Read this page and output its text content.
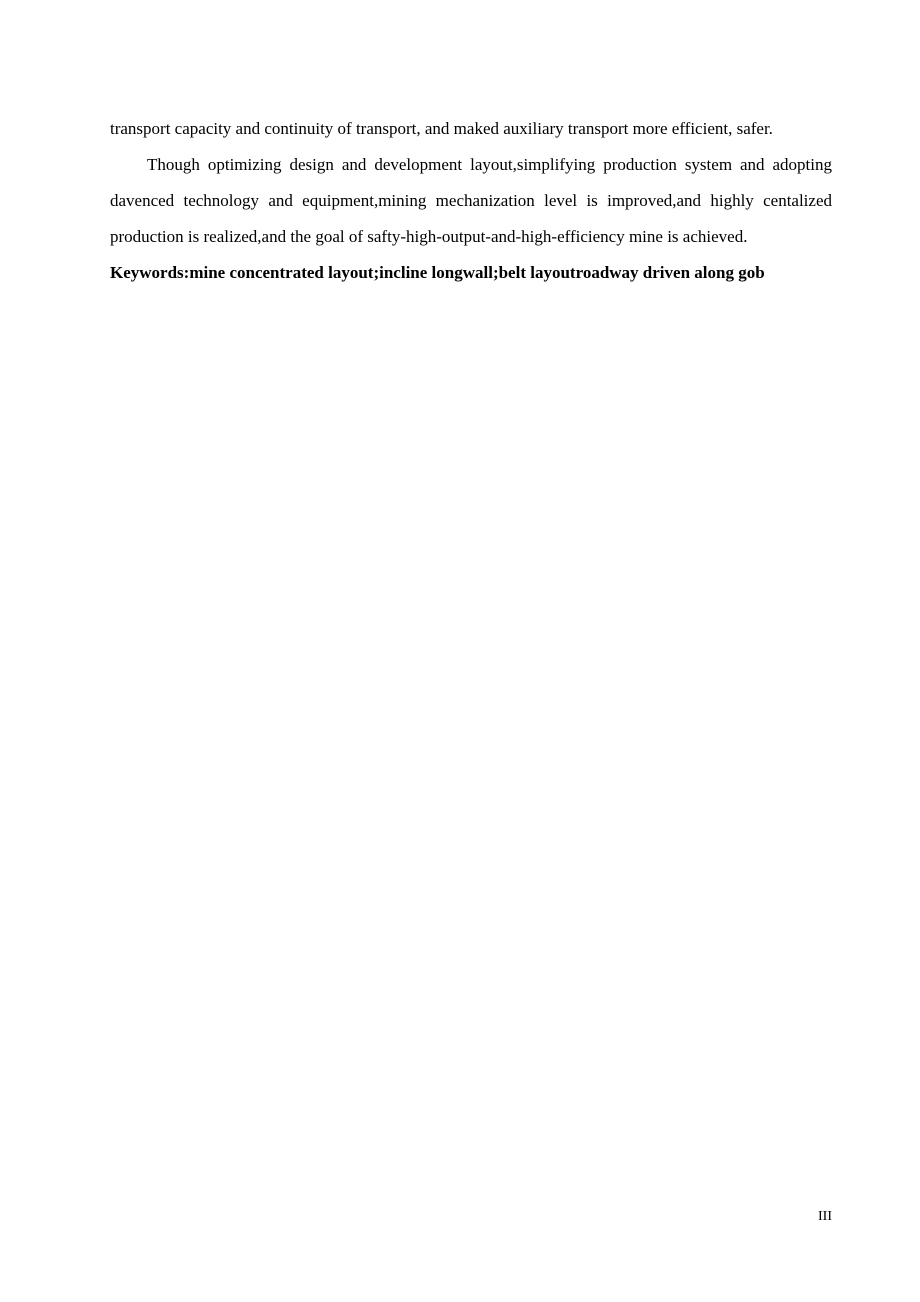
transport capacity and continuity of transport, and maked auxiliary transport more efficient, safer.

Though optimizing design and development layout,simplifying production system and adopting davenced technology and equipment,mining mechanization level is improved,and highly centalized production is realized,and the goal of safty-high-output-and-high-efficiency mine is achieved.

Keywords:mine concentrated layout;incline longwall;belt layoutroadway driven along gob

III
